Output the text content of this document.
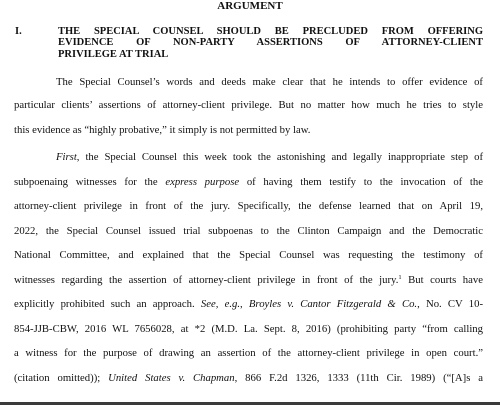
ARGUMENT
I.	THE SPECIAL COUNSEL SHOULD BE PRECLUDED FROM OFFERING
EVIDENCE OF NON-PARTY ASSERTIONS OF ATTORNEY-CLIENT
PRIVILEGE AT TRIAL
The Special Counsel’s words and deeds make clear that he intends to offer evidence of
particular clients’ assertions of attorney-client privilege. But no matter how much he tries to style
this evidence as “highly probative,” it simply is not permitted by law.
First, the Special Counsel this week took the astonishing and legally inappropriate step of
subpoenaing witnesses for the express purpose of having them testify to the invocation of the
attorney-client privilege in front of the jury. Specifically, the defense learned that on April 19,
2022, the Special Counsel issued trial subpoenas to the Clinton Campaign and the Democratic
National Committee, and explained that the Special Counsel was requesting the testimony of
witnesses regarding the assertion of attorney-client privilege in front of the jury.$^1$ But courts have
explicitly prohibited such an approach. See, e.g., Broyles v. Cantor Fitzgerald & Co., No. CV 10-
854-JJB-CBW, 2016 WL 7656028, at *2 (M.D. La. Sept. 8, 2016) (prohibiting party “from calling
a witness for the purpose of drawing an assertion of the attorney-client privilege in open court.”
(citation omitted)); United States v. Chapman, 866 F.2d 1326, 1333 (11th Cir. 1989) (“[A]s a
